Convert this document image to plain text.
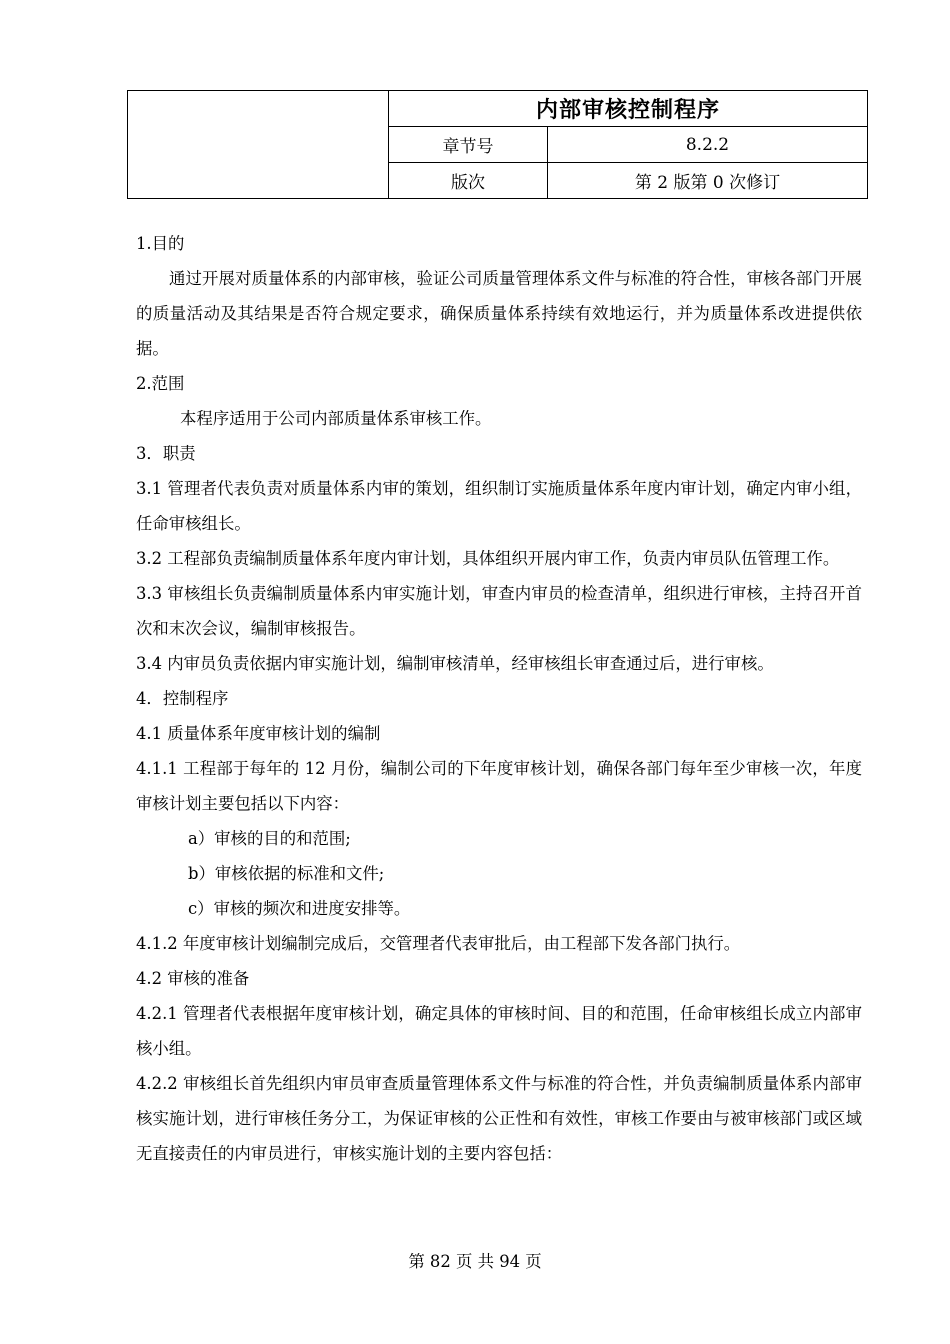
	内部审核控制程序	
	章节号	8.2.2
	版次	第 2 版第 0 次修订

1.目的

通过开展对质量体系的内部审核，验证公司质量管理体系文件与标准的符合性，审核各部门开展的质量活动及其结果是否符合规定要求，确保质量体系持续有效地运行，并为质量体系改进提供依据。

2.范围

本程序适用于公司内部质量体系审核工作。

3．职责

3.1 管理者代表负责对质量体系内审的策划，组织制订实施质量体系年度内审计划，确定内审小组，任命审核组长。

3.2 工程部负责编制质量体系年度内审计划，具体组织开展内审工作，负责内审员队伍管理工作。

3.3 审核组长负责编制质量体系内审实施计划，审查内审员的检查清单，组织进行审核，主持召开首次和末次会议，编制审核报告。

3.4 内审员负责依据内审实施计划，编制审核清单，经审核组长审查通过后，进行审核。

4．控制程序

4.1 质量体系年度审核计划的编制

4.1.1 工程部于每年的 12 月份，编制公司的下年度审核计划，确保各部门每年至少审核一次，年度审核计划主要包括以下内容：

a）审核的目的和范围;

b）审核依据的标准和文件;

c）审核的频次和进度安排等。

4.1.2 年度审核计划编制完成后，交管理者代表审批后，由工程部下发各部门执行。

4.2 审核的准备

4.2.1 管理者代表根据年度审核计划，确定具体的审核时间、目的和范围，任命审核组长成立内部审核小组。

4.2.2 审核组长首先组织内审员审查质量管理体系文件与标准的符合性，并负责编制质量体系内部审核实施计划，进行审核任务分工，为保证审核的公正性和有效性，审核工作要由与被审核部门或区域无直接责任的内审员进行，审核实施计划的主要内容包括：

第 82 页 共 94 页
